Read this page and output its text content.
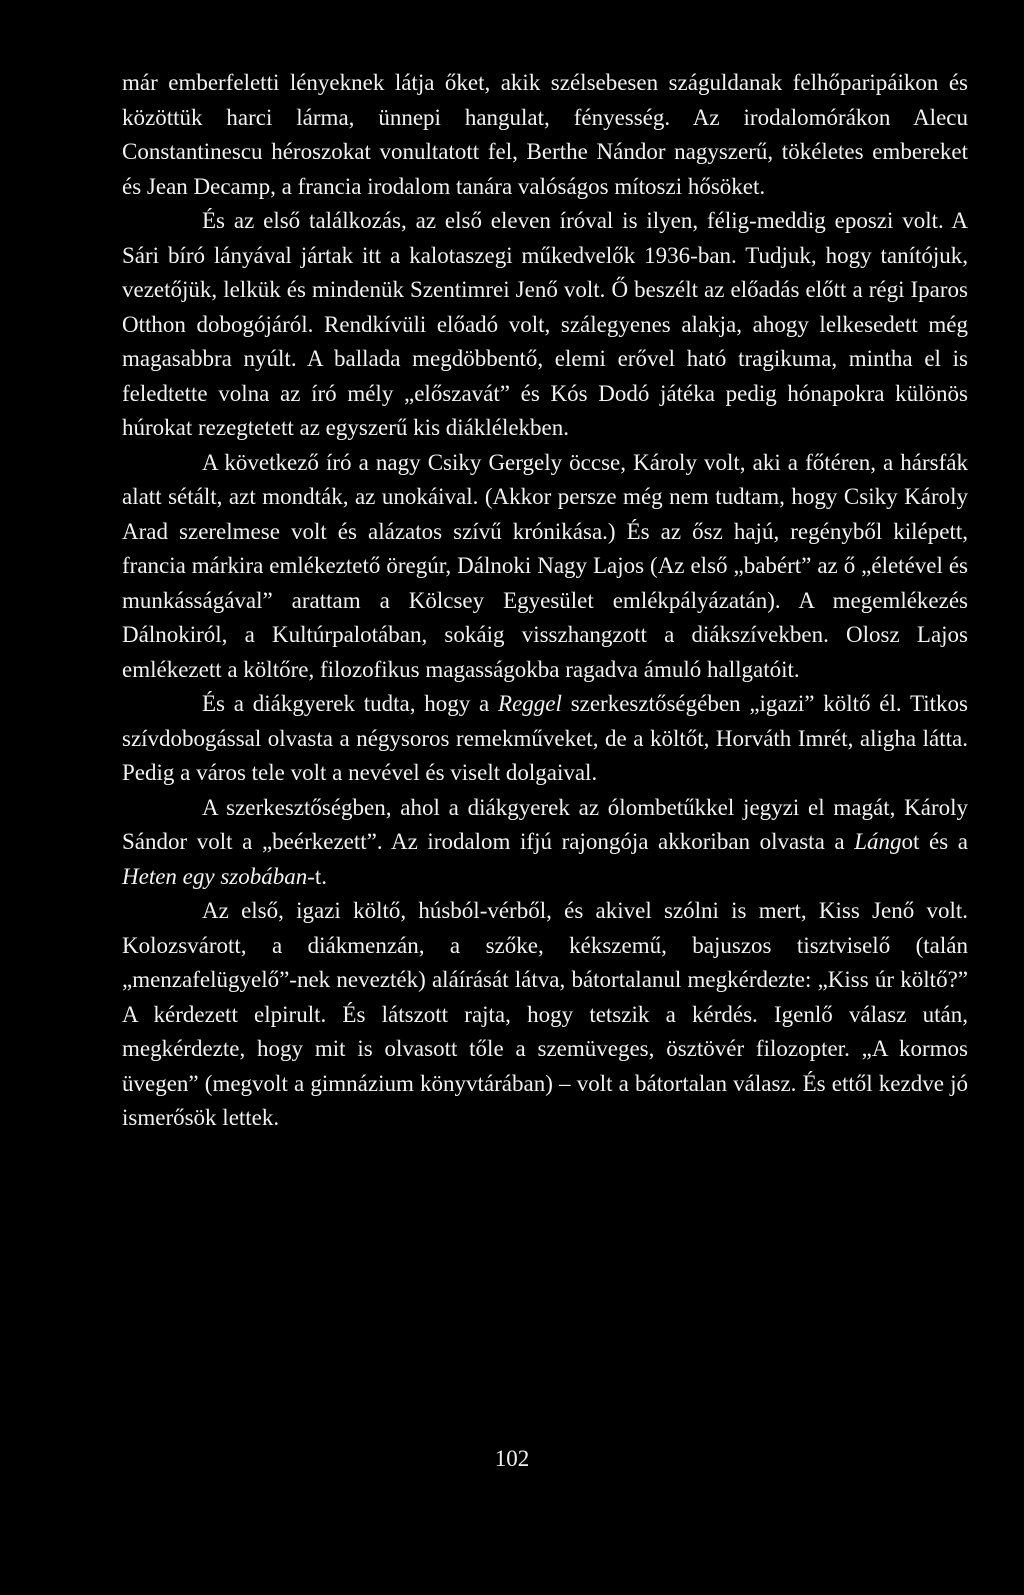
már emberfeletti lényeknek látja őket, akik szélsebesen száguldanak felhőparipáikon és közöttük harci lárma, ünnepi hangulat, fényesség. Az irodalomórákon Alecu Constantinescu héroszokat vonultatott fel, Berthe Nándor nagyszerű, tökéletes embereket és Jean Decamp, a francia irodalom tanára valóságos mítoszi hősöket.

És az első találkozás, az első eleven íróval is ilyen, félig-meddig eposzi volt. A Sári bíró lányával jártak itt a kalotaszegi műkedvelők 1936-ban. Tudjuk, hogy tanítójuk, vezetőjük, lelkük és mindenük Szentimrei Jenő volt. Ő beszélt az előadás előtt a régi Iparos Otthon dobogójáról. Rendkívüli előadó volt, szálegyenes alakja, ahogy lelkesedett még magasabbra nyúlt. A ballada megdöbbentő, elemi erővel ható tragikuma, mintha el is feledtette volna az író mély „előszavát” és Kós Dodó játéka pedig hónapokra különös húrokat rezegtetett az egyszerű kis diáklélekben.

A következő író a nagy Csiky Gergely öccse, Károly volt, aki a főtéren, a hársfák alatt sétált, azt mondták, az unokáival. (Akkor persze még nem tudtam, hogy Csiky Károly Arad szerelmese volt és alázatos szívű krónikása.) És az ősz hajú, regényből kilépett, francia márkira emlékeztető öregúr, Dálnoki Nagy Lajos (Az első „babért” az ő „életével és munkásságával” arattam a Kölcsey Egyesület emlékpályázatán). A megemlékezés Dálnokiról, a Kultúrpalotában, sokáig visszhangzott a diákszívekben. Olosz Lajos emlékezett a költőre, filozofikus magasságokba ragadva ámuló hallgatóit.

És a diákgyerek tudta, hogy a Reggel szerkesztőségében „igazi” költő él. Titkos szívdobogással olvasta a négysoros remekműveket, de a költőt, Horváth Imrét, aligha látta. Pedig a város tele volt a nevével és viselt dolgaival.

A szerkesztőségben, ahol a diákgyerek az ólombetűkkel jegyzi el magát, Károly Sándor volt a „beérkezett”. Az irodalom ifjú rajongója akkoriban olvasta a Lángot és a Heten egy szobában-t.

Az első, igazi költő, húsból-vérből, és akivel szólni is mert, Kiss Jenő volt. Kolozsvárott, a diákmenzán, a szőke, kékszemű, bajuszos tisztviselő (talán „menzafelügyelő”-nek nevezték) aláírását látva, bátortalanul megkérdezte: „Kiss úr költő?” A kérdezett elpirult. És látszott rajta, hogy tetszik a kérdés. Igenlő válasz után, megkérdezte, hogy mit is olvasott tőle a szemüveges, ösztövér filozopter. „A kormos üvegen” (megvolt a gimnázium könyvtárában) – volt a bátortalan válasz. És ettől kezdve jó ismerősök lettek.

102
